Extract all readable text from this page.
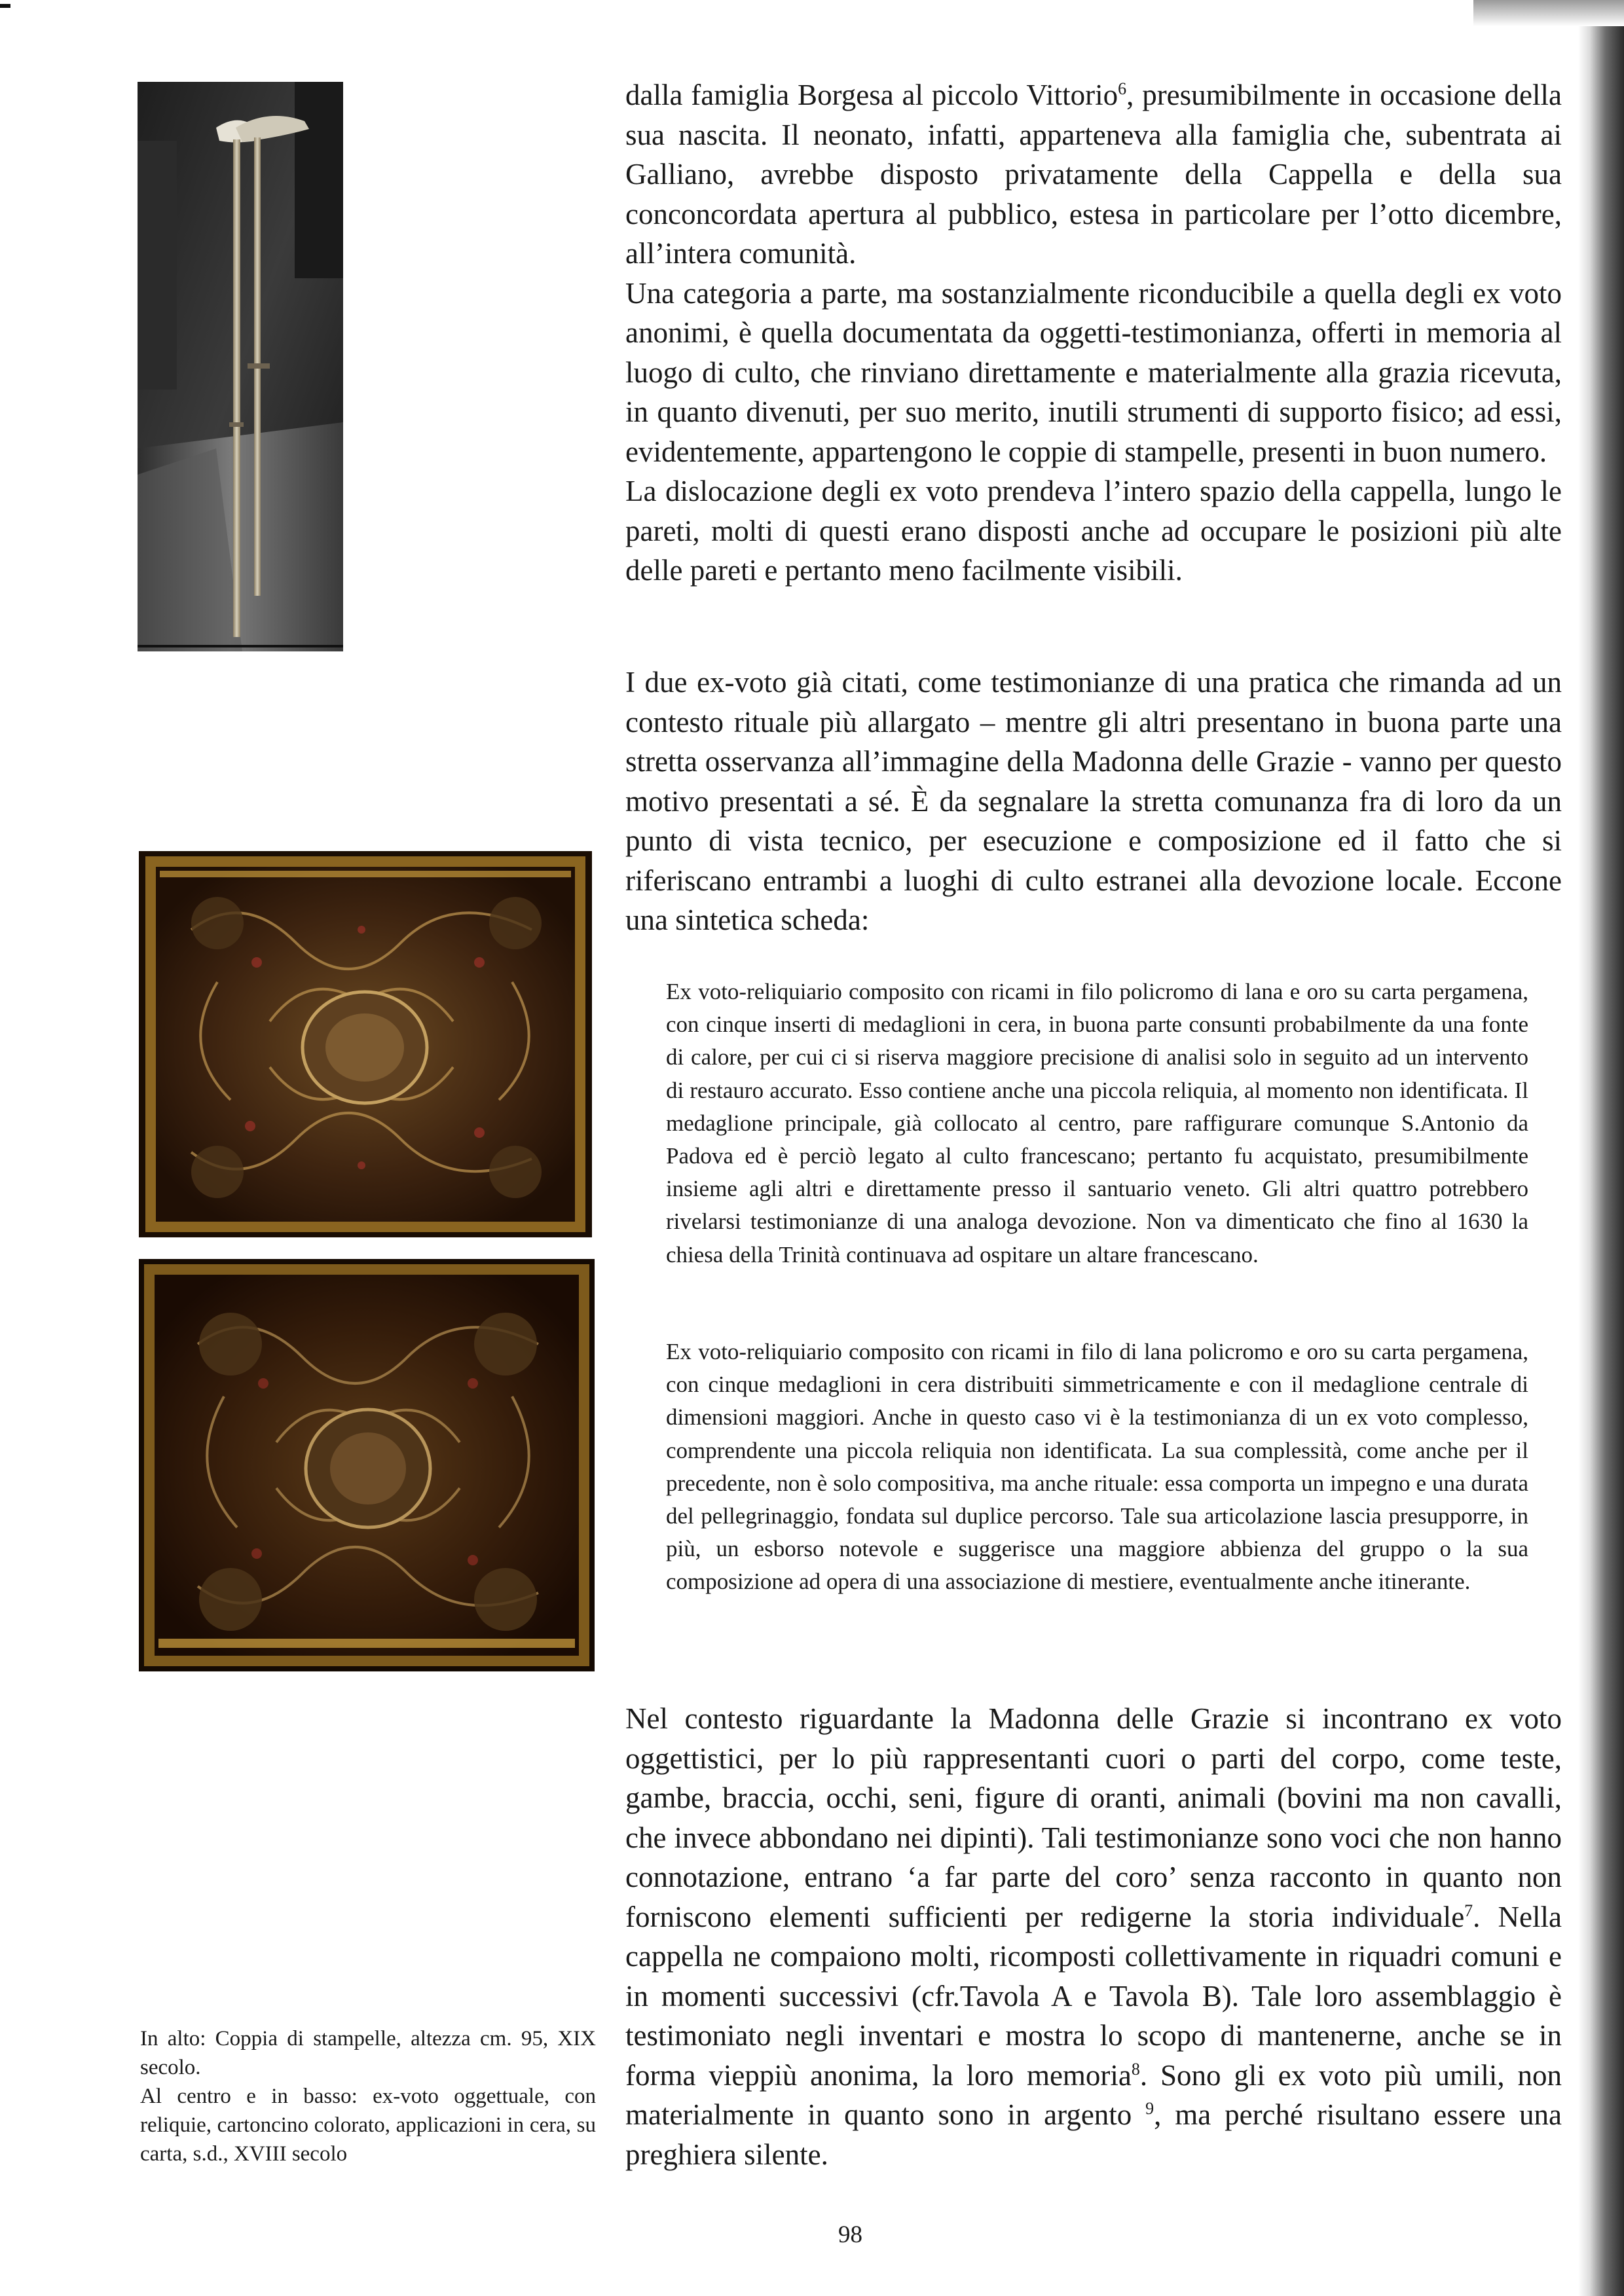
dalla famiglia Borgesa al piccolo Vittorio$^6$, presumibilmente in occasione della sua nascita. Il neonato, infatti, apparteneva alla famiglia che, subentrata ai Galliano, avrebbe disposto privatamente della Cappella e della sua conconcordata apertura al pubblico, estesa in particolare per l’otto dicembre, all’intera comunità.

Una categoria a parte, ma sostanzialmente riconducibile a quella degli ex voto anonimi, è quella documentata da oggetti-testimonianza, offerti in memoria al luogo di culto, che rinviano direttamente e materialmente alla grazia ricevuta, in quanto divenuti, per suo merito, inutili strumenti di supporto fisico; ad essi, evidentemente, appartengono le coppie di stampelle, presenti in buon numero.

La dislocazione degli ex voto prendeva l’intero spazio della cappella, lungo le pareti, molti di questi erano disposti anche ad occupare le posizioni più alte delle pareti e pertanto meno facilmente visibili.

I due ex-voto già citati, come testimonianze di una pratica che rimanda ad un contesto rituale più allargato – mentre gli altri presentano in buona parte una stretta osservanza all’immagine della Madonna delle Grazie - vanno per questo motivo presentati a sé. È da segnalare la stretta comunanza fra di loro da un punto di vista tecnico, per esecuzione e composizione ed il fatto che si riferiscano entrambi a luoghi di culto estranei alla devozione locale. Eccone una sintetica scheda:

Ex voto-reliquiario composito con ricami in filo policromo di lana e oro su carta pergamena, con cinque inserti di medaglioni in cera, in buona parte consunti probabilmente da una fonte di calore, per cui ci si riserva maggiore precisione di analisi solo in seguito ad un intervento di restauro accurato. Esso contiene anche una piccola reliquia, al momento non identificata. Il medaglione principale, già collocato al centro, pare raffigurare comunque S.Antonio da Padova ed è perciò legato al culto francescano; pertanto fu acquistato, presumibilmente insieme agli altri e direttamente presso il santuario veneto. Gli altri quattro potrebbero rivelarsi testimonianze di una analoga devozione. Non va dimenticato che fino al 1630 la chiesa della Trinità continuava ad ospitare un altare francescano.

Ex voto-reliquiario composito con ricami in filo di lana policromo e oro su carta pergamena, con cinque medaglioni in cera distribuiti simmetricamente e con il medaglione centrale di dimensioni maggiori. Anche in questo caso vi è la testimonianza di un ex voto complesso, comprendente una piccola reliquia non identificata. La sua complessità, come anche per il precedente, non è solo compositiva, ma anche rituale: essa comporta un impegno e una durata del pellegrinaggio, fondata sul duplice percorso. Tale sua articolazione lascia presupporre, in più, un esborso notevole e suggerisce una maggiore abbienza del gruppo o la sua composizione ad opera di una associazione di mestiere, eventualmente anche itinerante.

Nel contesto riguardante la Madonna delle Grazie si incontrano ex voto oggettistici, per lo più rappresentanti cuori o parti del corpo, come teste, gambe, braccia, occhi, seni, figure di oranti, animali (bovini ma non cavalli, che invece abbondano nei dipinti). Tali testimonianze sono voci che non hanno connotazione, entrano ‘a far parte del coro’ senza racconto in quanto non forniscono elementi sufficienti per redigerne la storia individuale$^7$. Nella cappella ne compaiono molti, ricomposti collettivamente in riquadri comuni e in momenti successivi (cfr.Tavola A e Tavola B). Tale loro assemblaggio è testimoniato negli inventari e mostra lo scopo di mantenerne, anche se in forma vieppiù anonima, la loro memoria$^8$. Sono gli ex voto più umili, non materialmente in quanto sono in argento $^9$, ma perché risultano essere una preghiera silente.

In alto: Coppia di stampelle, altezza cm. 95, XIX secolo.

Al centro e in basso: ex-voto oggettuale, con reliquie, cartoncino colorato, applicazioni in cera, su carta, s.d., XVIII secolo

98
